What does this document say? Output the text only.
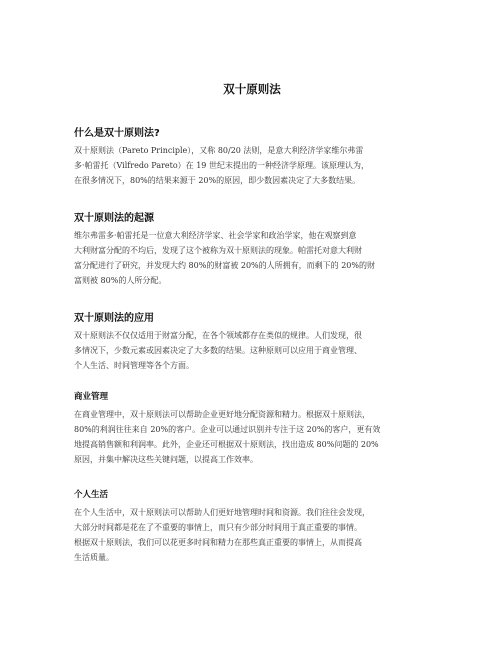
双十原则法
什么是双十原则法?
双十原则法（Pareto Principle），又称 80/20 法则，是意大利经济学家维尔弗雷
多·帕雷托（Vilfredo Pareto）在 19 世纪末提出的一种经济学原理。该原理认为，
在很多情况下，80%的结果来源于 20%的原因，即少数因素决定了大多数结果。
双十原则法的起源
维尔弗雷多·帕雷托是一位意大利经济学家、社会学家和政治学家，他在观察到意
大利财富分配的不均后，发现了这个被称为双十原则法的现象。帕雷托对意大利财
富分配进行了研究，并发现大约 80%的财富被 20%的人所拥有，而剩下的 20%的财
富则被 80%的人所分配。
双十原则法的应用
双十原则法不仅仅适用于财富分配，在各个领域都存在类似的规律。人们发现，很
多情况下，少数元素或因素决定了大多数的结果。这种原则可以应用于商业管理、
个人生活、时间管理等各个方面。
商业管理
在商业管理中，双十原则法可以帮助企业更好地分配资源和精力。根据双十原则法，
80%的利润往往来自 20%的客户。企业可以通过识别并专注于这 20%的客户，更有效
地提高销售额和利润率。此外，企业还可根据双十原则法，找出造成 80%问题的 20%
原因，并集中解决这些关键问题，以提高工作效率。
个人生活
在个人生活中，双十原则法可以帮助人们更好地管理时间和资源。我们往往会发现，
大部分时间都是花在了不重要的事情上，而只有少部分时间用于真正重要的事情。
根据双十原则法，我们可以花更多时间和精力在那些真正重要的事情上，从而提高
生活质量。
